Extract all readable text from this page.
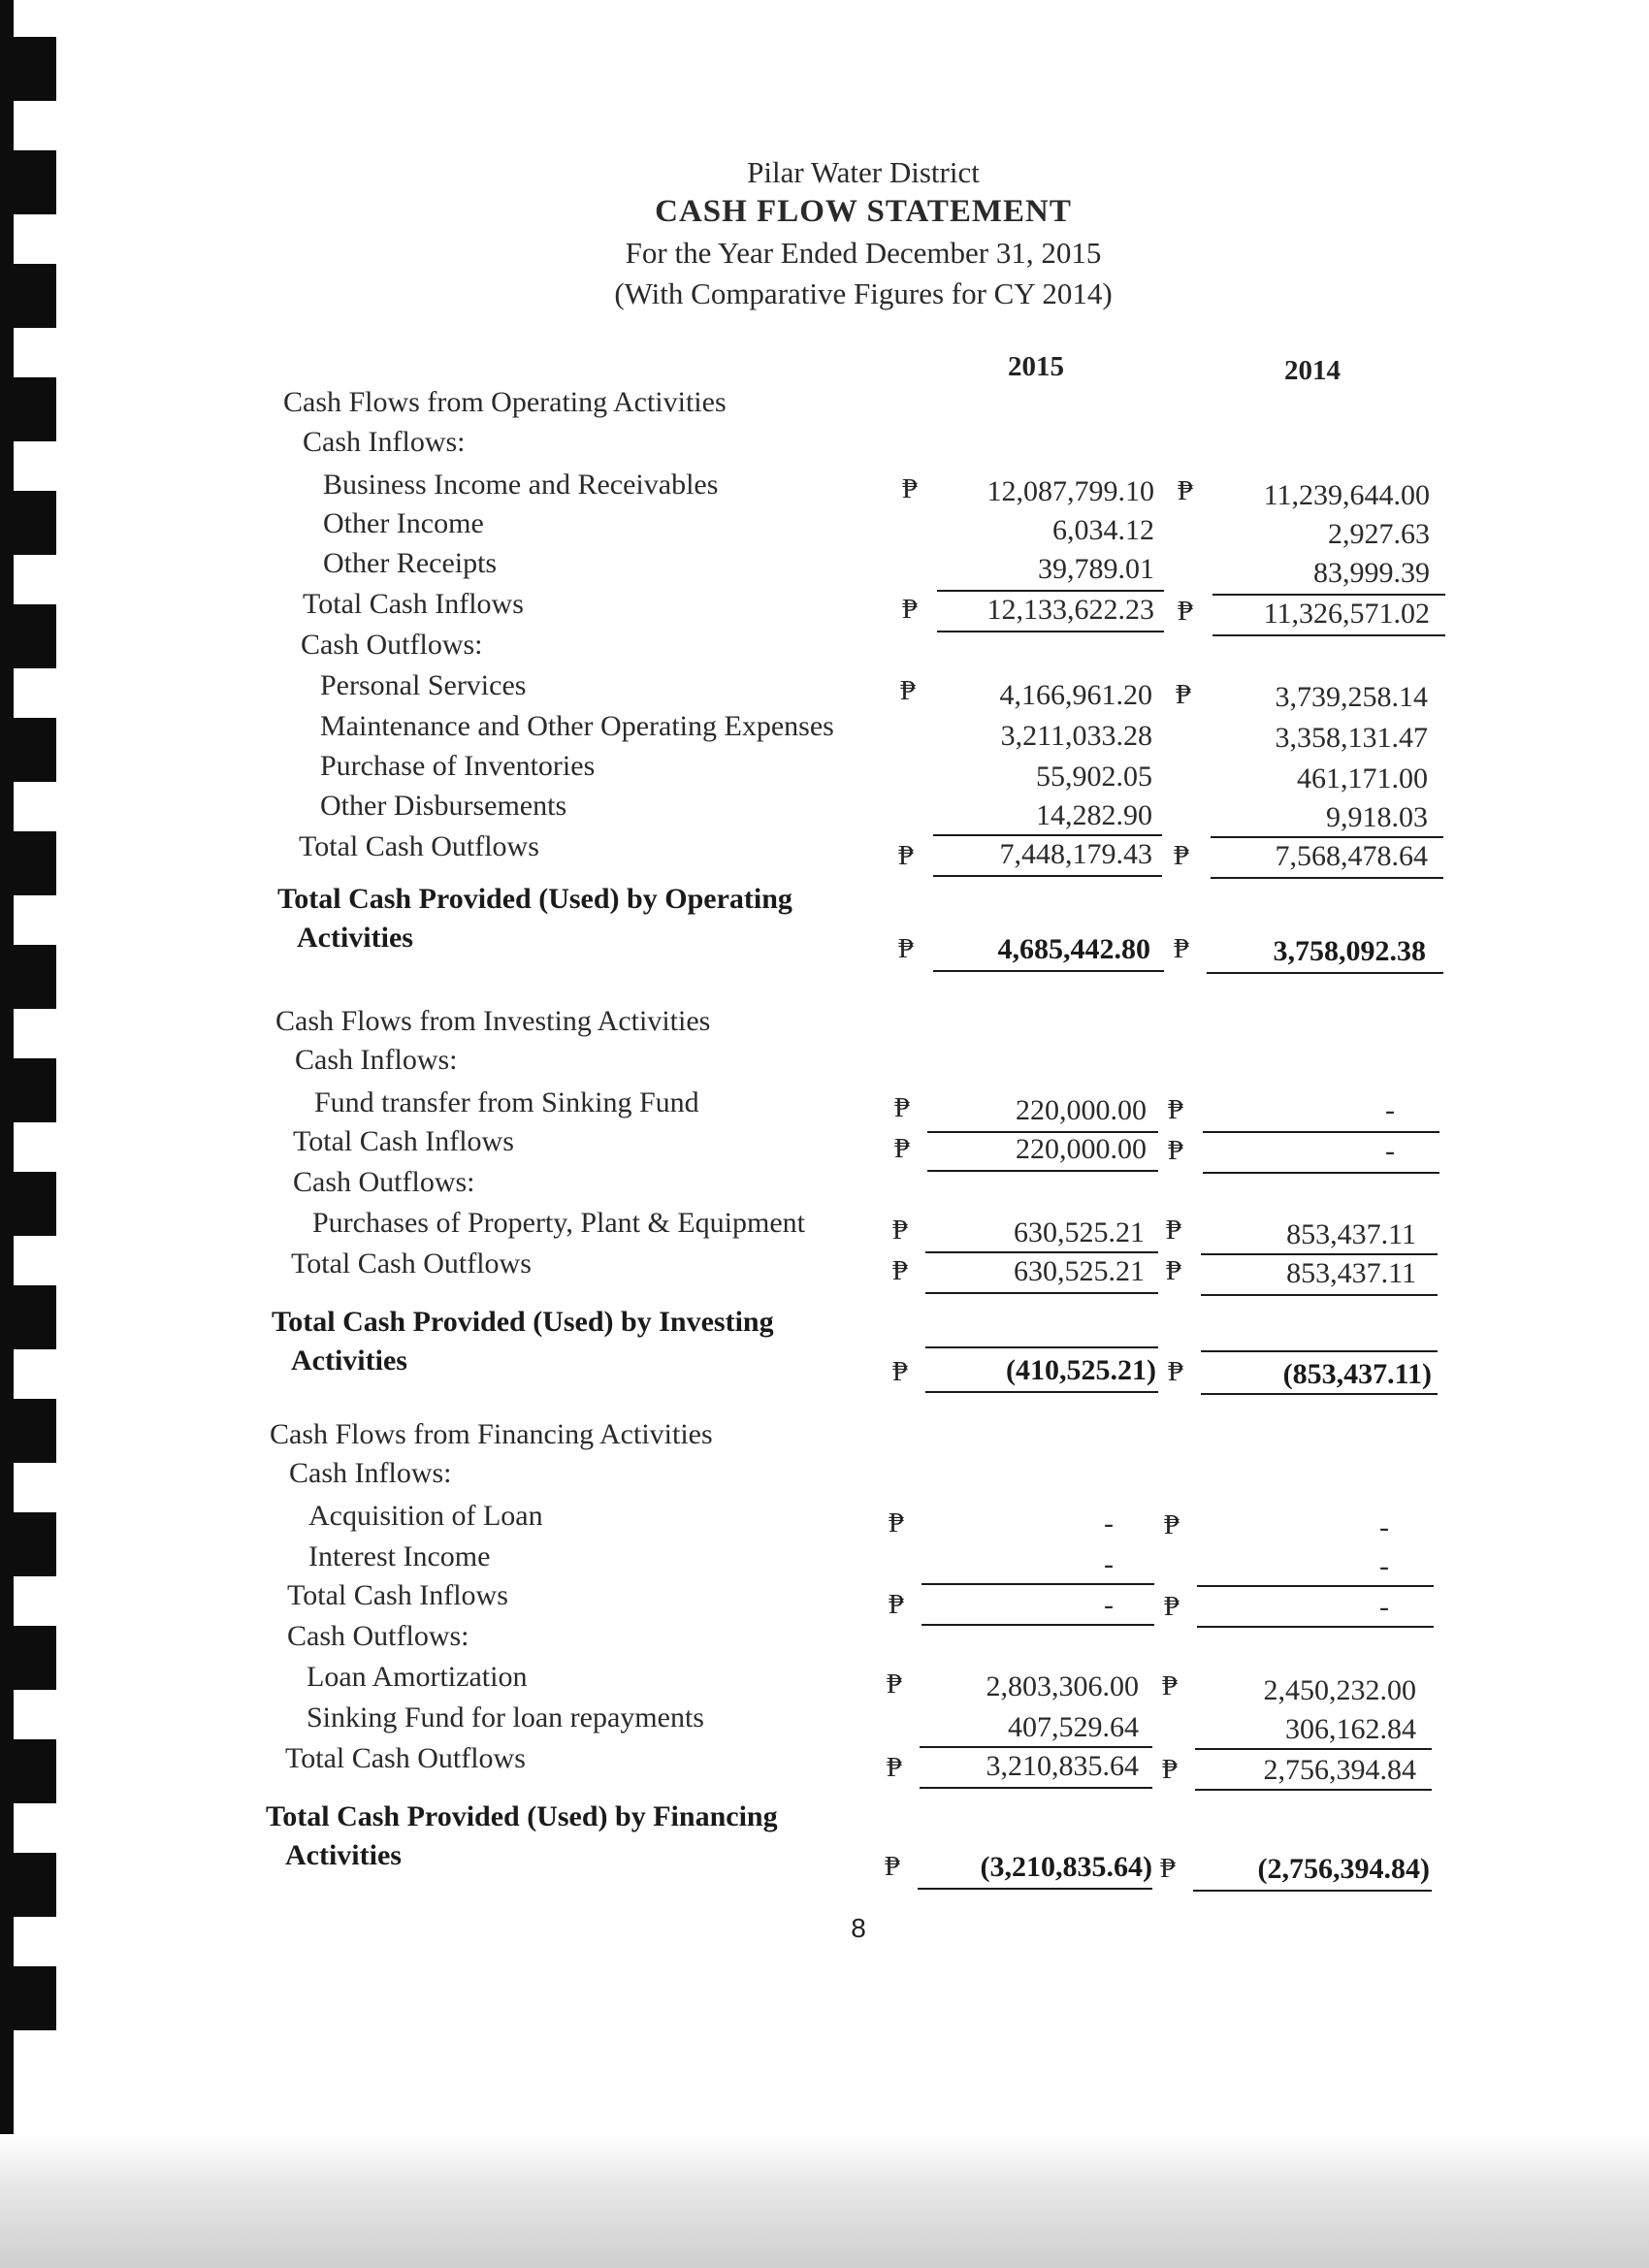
Pilar Water District
CASH FLOW STATEMENT
For the Year Ended December 31, 2015
(With Comparative Figures for CY 2014)
2015	2014
Cash Flows from Operating Activities
Cash Inflows:
Business Income and Receivables	₱ 12,087,799.10 ₱ 11,239,644.00
Other Income	6,034.12	2,927.63
Other Receipts	39,789.01	83,999.39
Total Cash Inflows	₱ 12,133,622.23 ₱ 11,326,571.02
Cash Outflows:
Personal Services	₱	4,166,961.20 ₱	3,739,258.14
Maintenance and Other Operating Expenses	3,211,033.28	3,358,131.47
Purchase of Inventories	55,902.05	461,171.00
Other Disbursements	14,282.90	9,918.03
Total Cash Outflows	₱	7,448,179.43 ₱	7,568,478.64
Total Cash Provided (Used) by Operating
Activities	₱	4,685,442.80 ₱	3,758,092.38
Cash Flows from Investing Activities
Cash Inflows:
Fund transfer from Sinking Fund	₱	220,000.00 ₱	-
Total Cash Inflows	₱	220,000.00 ₱	-
Cash Outflows:
Purchases of Property, Plant & Equipment	₱	630,525.21 ₱	853,437.11
Total Cash Outflows	₱	630,525.21 ₱	853,437.11
Total Cash Provided (Used) by Investing
Activities	₱	(410,525.21) ₱	(853,437.11)
Cash Flows from Financing Activities
Cash Inflows:
Acquisition of Loan	₱	- ₱	-
Interest Income	-	-
Total Cash Inflows	₱	- ₱	-
Cash Outflows:
Loan Amortization	₱	2,803,306.00 ₱	2,450,232.00
Sinking Fund for loan repayments	407,529.64	306,162.84
Total Cash Outflows	₱	3,210,835.64 ₱	2,756,394.84
Total Cash Provided (Used) by Financing
Activities	₱	(3,210,835.64) ₱	(2,756,394.84)
8
